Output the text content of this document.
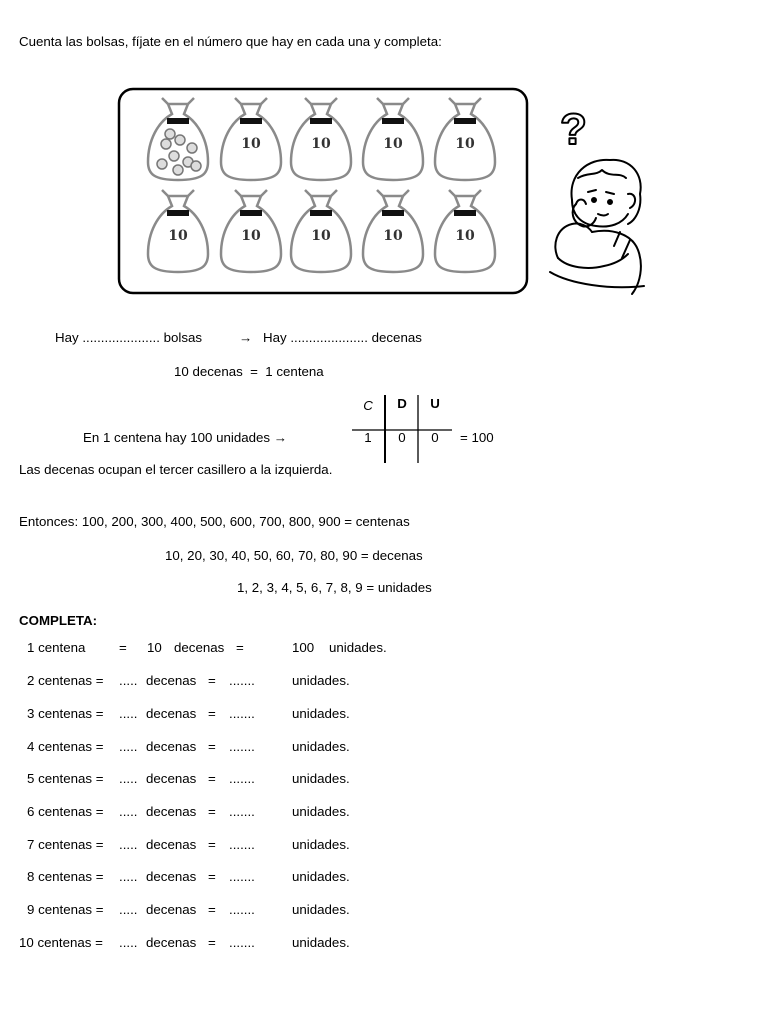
Cuenta las bolsas, fíjate en el número que hay en cada una y completa:
10	10	10	10
10	10	10	10	10
?
Hay ..................... bolsas	→ Hay ..................... decenas
10 decenas  =  1 centena
C	D	U
1	0	0	= 100
En 1 centena hay 100 unidades →
Las decenas ocupan el tercer casillero a la izquierda.
Entonces: 100, 200, 300, 400, 500, 600, 700, 800, 900 = centenas
10, 20, 30, 40, 50, 60, 70, 80, 90 = decenas
1, 2, 3, 4, 5, 6, 7, 8, 9 = unidades
COMPLETA:
1 centena	= 10 decenas =	100 unidades.
2 centenas = ..... decenas = .......	unidades.
3 centenas = ..... decenas = .......	unidades.
4 centenas = ..... decenas = .......	unidades.
5 centenas = ..... decenas = .......	unidades.
6 centenas = ..... decenas = .......	unidades.
7 centenas = ..... decenas = .......	unidades.
8 centenas = ..... decenas = .......	unidades.
9 centenas = ..... decenas = .......	unidades.
10 centenas = ..... decenas = .......	unidades.
